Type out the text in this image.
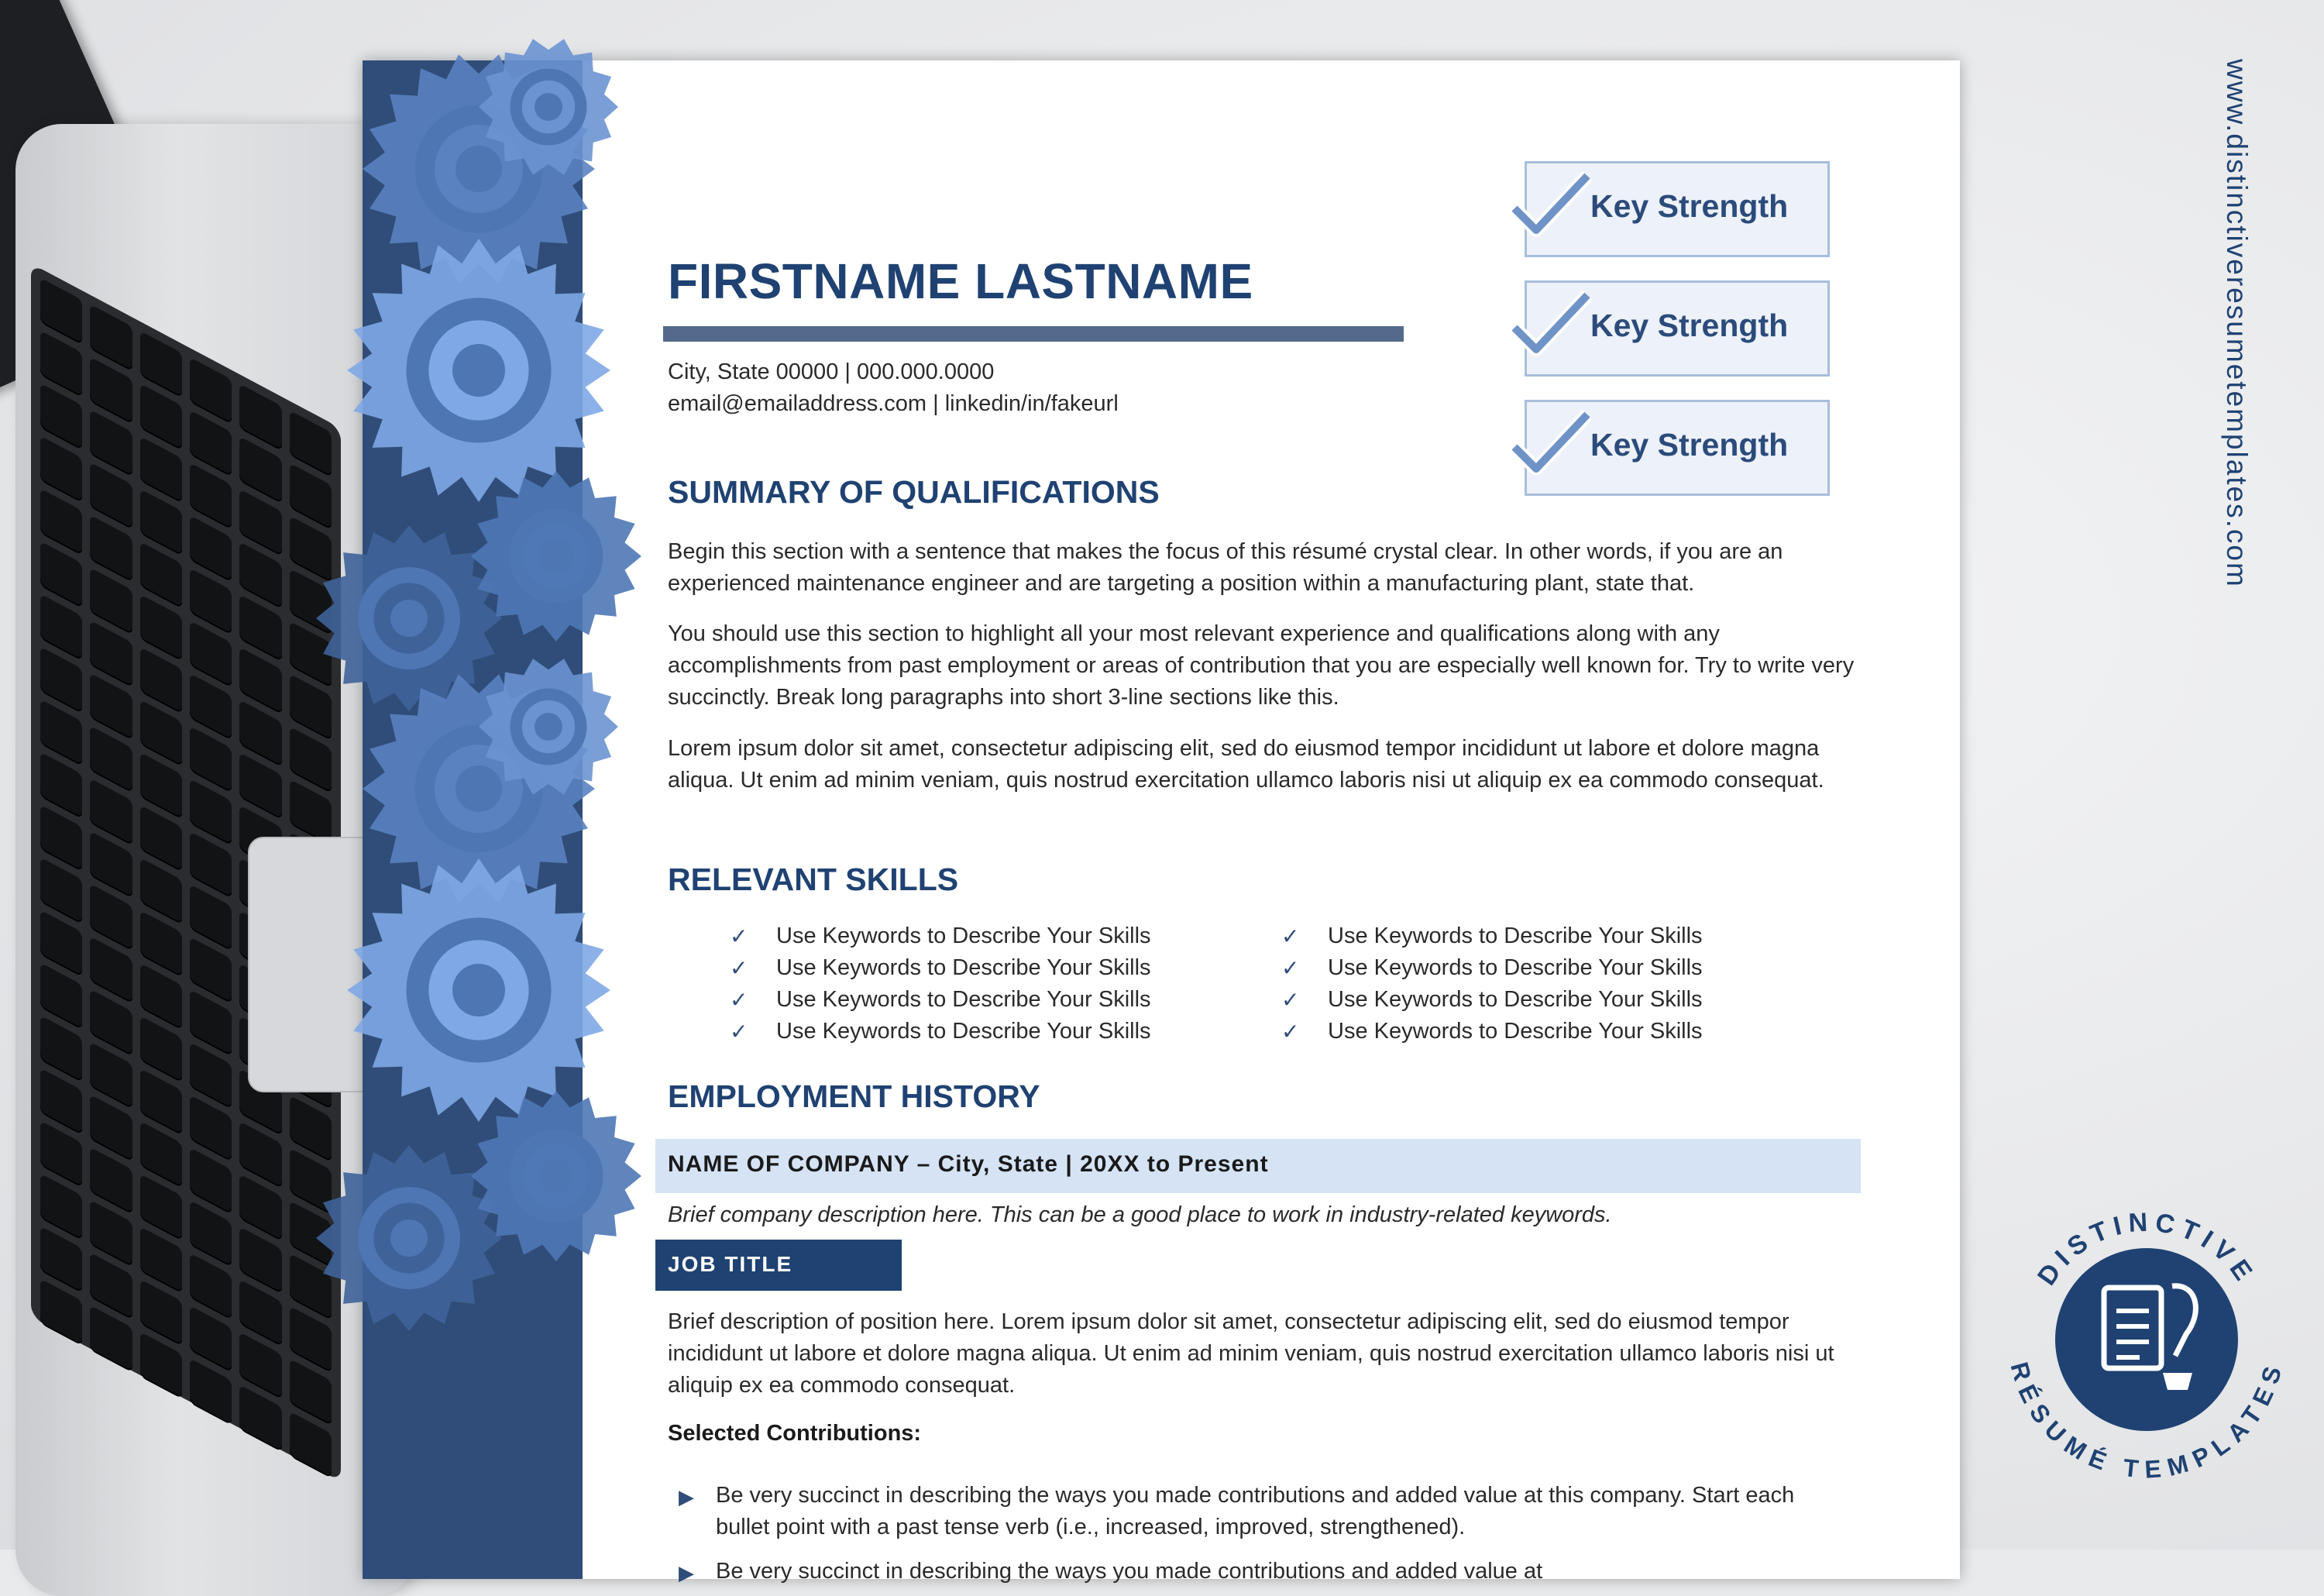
FIRSTNAME LASTNAME
City, State 00000 | 000.000.0000
email@emailaddress.com | linkedin/in/fakeurl
Key Strength
Key Strength
Key Strength
SUMMARY OF QUALIFICATIONS
Begin this section with a sentence that makes the focus of this résumé crystal clear. In other words, if you are an experienced maintenance engineer and are targeting a position within a manufacturing plant, state that.
You should use this section to highlight all your most relevant experience and qualifications along with any accomplishments from past employment or areas of contribution that you are especially well known for. Try to write very succinctly. Break long paragraphs into short 3-line sections like this.
Lorem ipsum dolor sit amet, consectetur adipiscing elit, sed do eiusmod tempor incididunt ut labore et dolore magna aliqua. Ut enim ad minim veniam, quis nostrud exercitation ullamco laboris nisi ut aliquip ex ea commodo consequat.
RELEVANT SKILLS
✓ Use Keywords to Describe Your Skills
✓ Use Keywords to Describe Your Skills
✓ Use Keywords to Describe Your Skills
✓ Use Keywords to Describe Your Skills
✓ Use Keywords to Describe Your Skills
✓ Use Keywords to Describe Your Skills
✓ Use Keywords to Describe Your Skills
✓ Use Keywords to Describe Your Skills
EMPLOYMENT HISTORY
NAME OF COMPANY – City, State | 20XX to Present
Brief company description here. This can be a good place to work in industry-related keywords.
JOB TITLE
Brief description of position here. Lorem ipsum dolor sit amet, consectetur adipiscing elit, sed do eiusmod tempor incididunt ut labore et dolore magna aliqua. Ut enim ad minim veniam, quis nostrud exercitation ullamco laboris nisi ut aliquip ex ea commodo consequat.
Selected Contributions:
▶ Be very succinct in describing the ways you made contributions and added value at this company. Start each bullet point with a past tense verb (i.e., increased, improved, strengthened).
▶ Be very succinct in describing the ways you made contributions and added value at
www.distinctiveresumetemplates.com
DISTINCTIVE
RÉSUMÉ TEMPLATES
